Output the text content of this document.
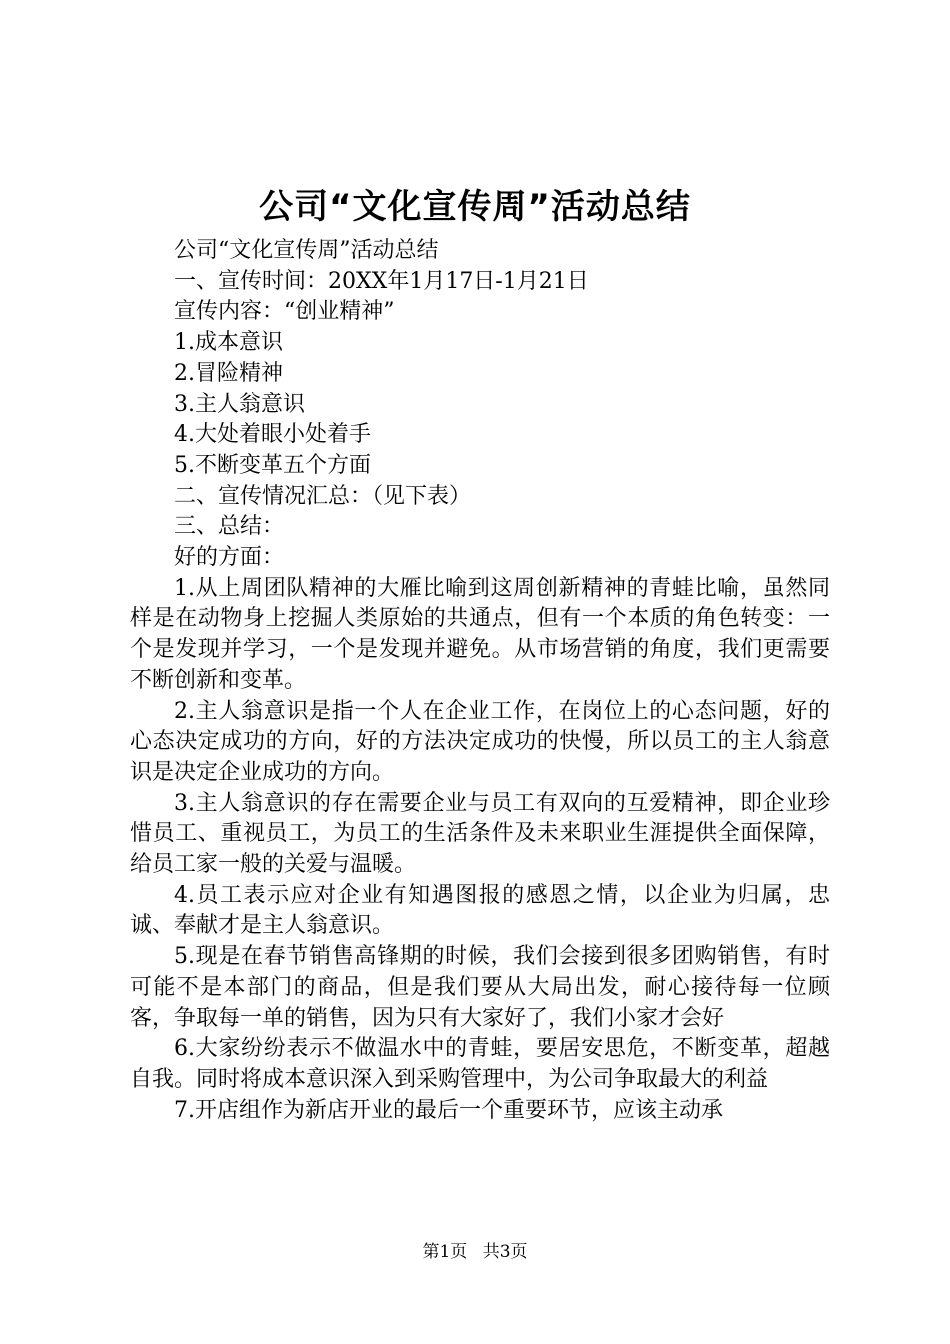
公司“文化宣传周”活动总结
公司“文化宣传周”活动总结
一、宣传时间：20XX年1月17日-1月21日
宣传内容：“创业精神”
1.成本意识
2.冒险精神
3.主人翁意识
4.大处着眼小处着手
5.不断变革五个方面
二、宣传情况汇总：（见下表）
三、总结：
好的方面：
1.从上周团队精神的大雁比喻到这周创新精神的青蛙比喻，虽然同样是在动物身上挖掘人类原始的共通点，但有一个本质的角色转变：一个是发现并学习，一个是发现并避免。从市场营销的角度，我们更需要不断创新和变革。
2.主人翁意识是指一个人在企业工作，在岗位上的心态问题，好的心态决定成功的方向，好的方法决定成功的快慢，所以员工的主人翁意识是决定企业成功的方向。
3.主人翁意识的存在需要企业与员工有双向的互爱精神，即企业珍惜员工、重视员工，为员工的生活条件及未来职业生涯提供全面保障，给员工家一般的关爱与温暖。
4.员工表示应对企业有知遇图报的感恩之情，以企业为归属，忠诚、奉献才是主人翁意识。
5.现是在春节销售高锋期的时候，我们会接到很多团购销售，有时可能不是本部门的商品，但是我们要从大局出发，耐心接待每一位顾客，争取每一单的销售，因为只有大家好了，我们小家才会好
6.大家纷纷表示不做温水中的青蛙，要居安思危，不断变革，超越自我。同时将成本意识深入到采购管理中，为公司争取最大的利益
7.开店组作为新店开业的最后一个重要环节，应该主动承
第1页 共3页
